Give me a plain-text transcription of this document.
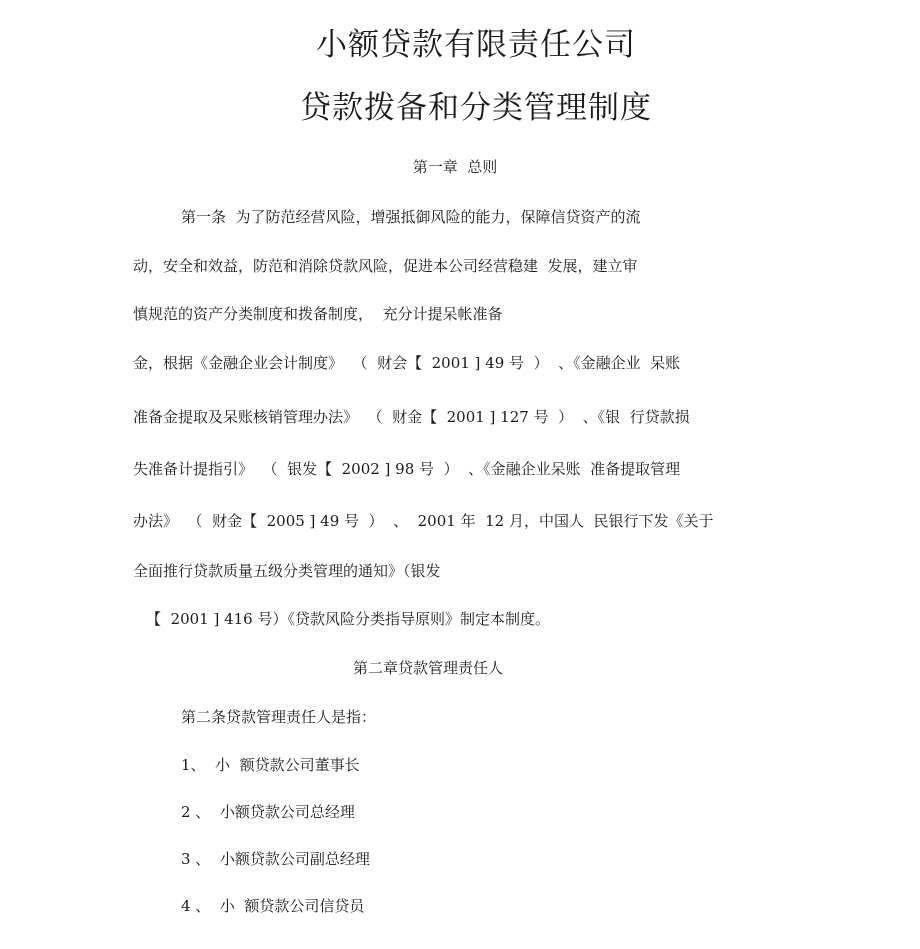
小额贷款有限责任公司
贷款拨备和分类管理制度
第一章  总则
第一条  为了防范经营风险，增强抵御风险的能力，保障信贷资产的流
动，安全和效益，防范和消除贷款风险，促进本公司经营稳建  发展，建立审
慎规范的资产分类制度和拨备制度，  充分计提呆帐准备
金，根据《金融企业会计制度》  （  财会【  2001 ] 49 号  ）  、《金融企业  呆账
准备金提取及呆账核销管理办法》  （  财金【  2001 ] 127 号  ）  、《银  行贷款损
失准备计提指引》  （  银发【  2002 ] 98 号  ）  、《金融企业呆账  准备提取管理
办法》  （  财金【  2005 ] 49 号  ）  、  2001 年  12 月，中国人  民银行下发《关于
全面推行贷款质量五级分类管理的通知》（银发
【  2001 ] 416 号）《贷款风险分类指导原则》制定本制度。
第二章贷款管理责任人
第二条贷款管理责任人是指：
1、  小  额贷款公司董事长
2 、  小额贷款公司总经理
3 、  小额贷款公司副总经理
4 、  小  额贷款公司信贷员
